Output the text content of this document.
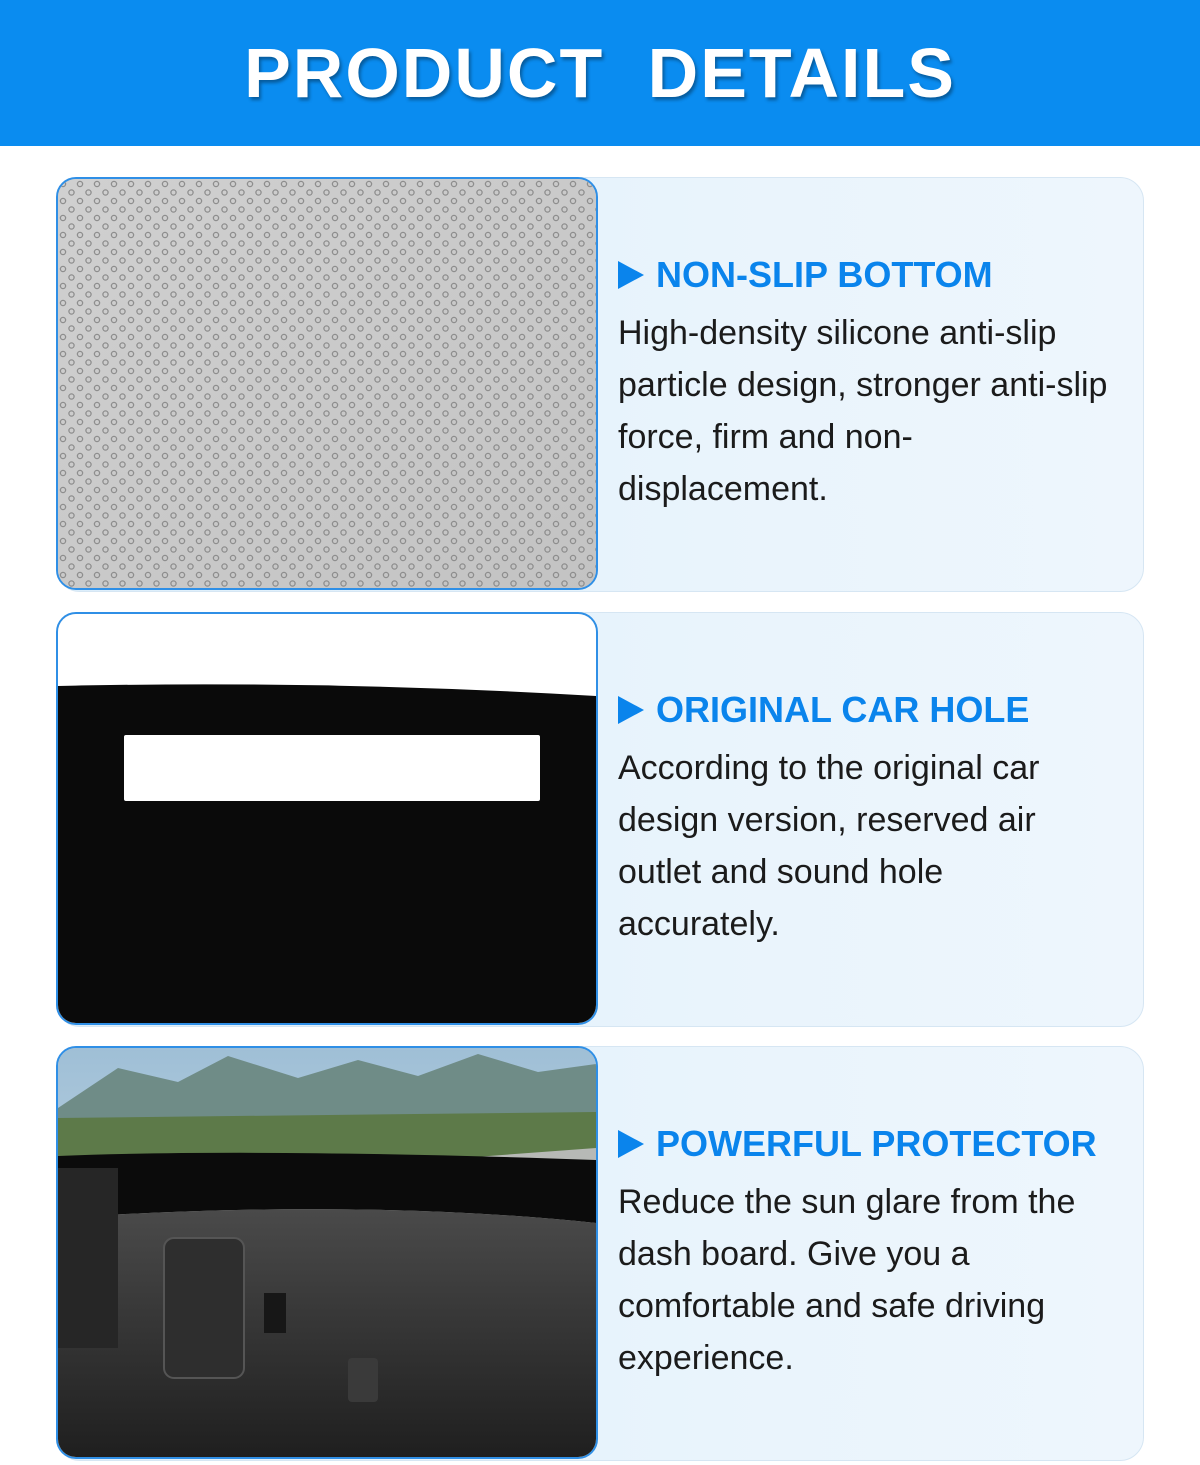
PRODUCT DETAILS
NON-SLIP BOTTOM
High-density silicone anti-slip particle design, stronger anti-slip force, firm and non-displacement.
ORIGINAL CAR HOLE
According to the original car design version, reserved air outlet and sound hole accurately.
POWERFUL PROTECTOR
Reduce the sun glare from the dash board. Give you a comfortable and safe driving experience.
